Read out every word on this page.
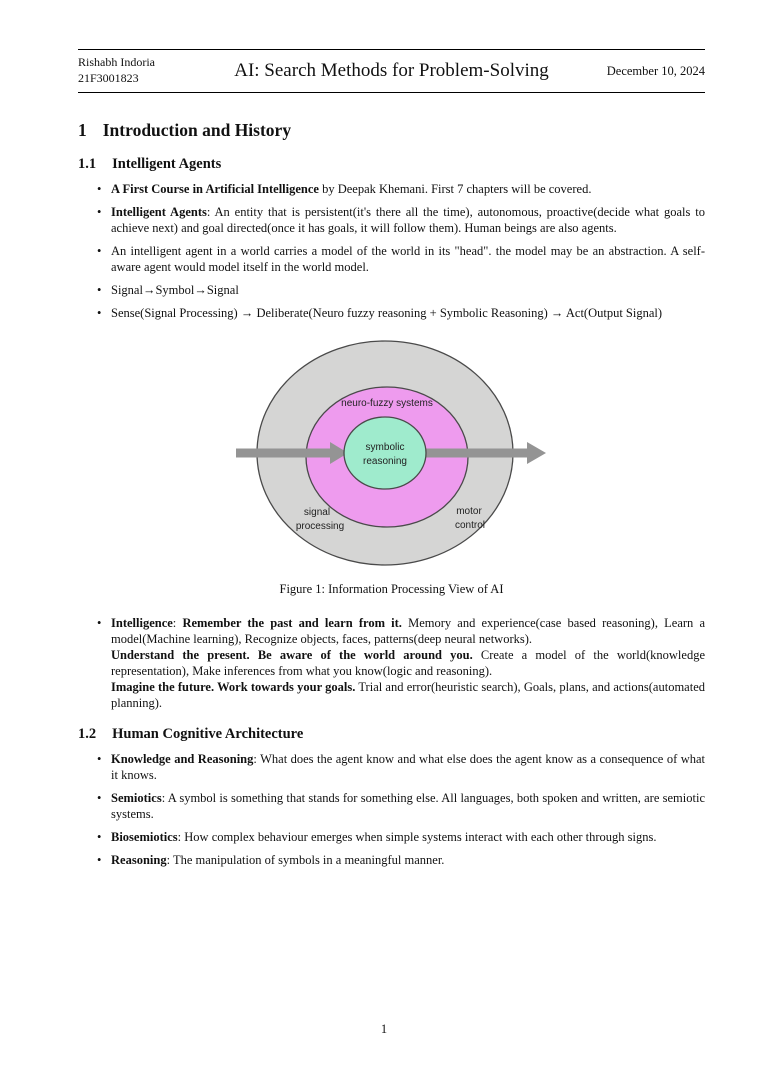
Rishabh Indoria
21F3001823	AI: Search Methods for Problem-Solving	December 10, 2024
1 Introduction and History
1.1 Intelligent Agents
• A First Course in Artificial Intelligence by Deepak Khemani. First 7 chapters will be covered.
• Intelligent Agents: An entity that is persistent(it's there all the time), autonomous, proactive(decide what goals to achieve next) and goal directed(once it has goals, it will follow them). Human beings are also agents.
• An intelligent agent in a world carries a model of the world in its "head". the model may be an abstraction. A self-aware agent would model itself in the world model.
• Signal→Symbol→Signal
• Sense(Signal Processing) → Deliberate(Neuro fuzzy reasoning + Symbolic Reasoning) → Act(Output Signal)
neuro-fuzzy systems
symbolic
reasoning
signal
processing
motor
control
Figure 1: Information Processing View of AI
• Intelligence: Remember the past and learn from it. Memory and experience(case based reasoning), Learn a model(Machine learning), Recognize objects, faces, patterns(deep neural networks).
Understand the present. Be aware of the world around you. Create a model of the world(knowledge representation), Make inferences from what you know(logic and reasoning).
Imagine the future. Work towards your goals. Trial and error(heuristic search), Goals, plans, and actions(automated planning).
1.2 Human Cognitive Architecture
• Knowledge and Reasoning: What does the agent know and what else does the agent know as a consequence of what it knows.
• Semiotics: A symbol is something that stands for something else. All languages, both spoken and written, are semiotic systems.
• Biosemiotics: How complex behaviour emerges when simple systems interact with each other through signs.
• Reasoning: The manipulation of symbols in a meaningful manner.
1
